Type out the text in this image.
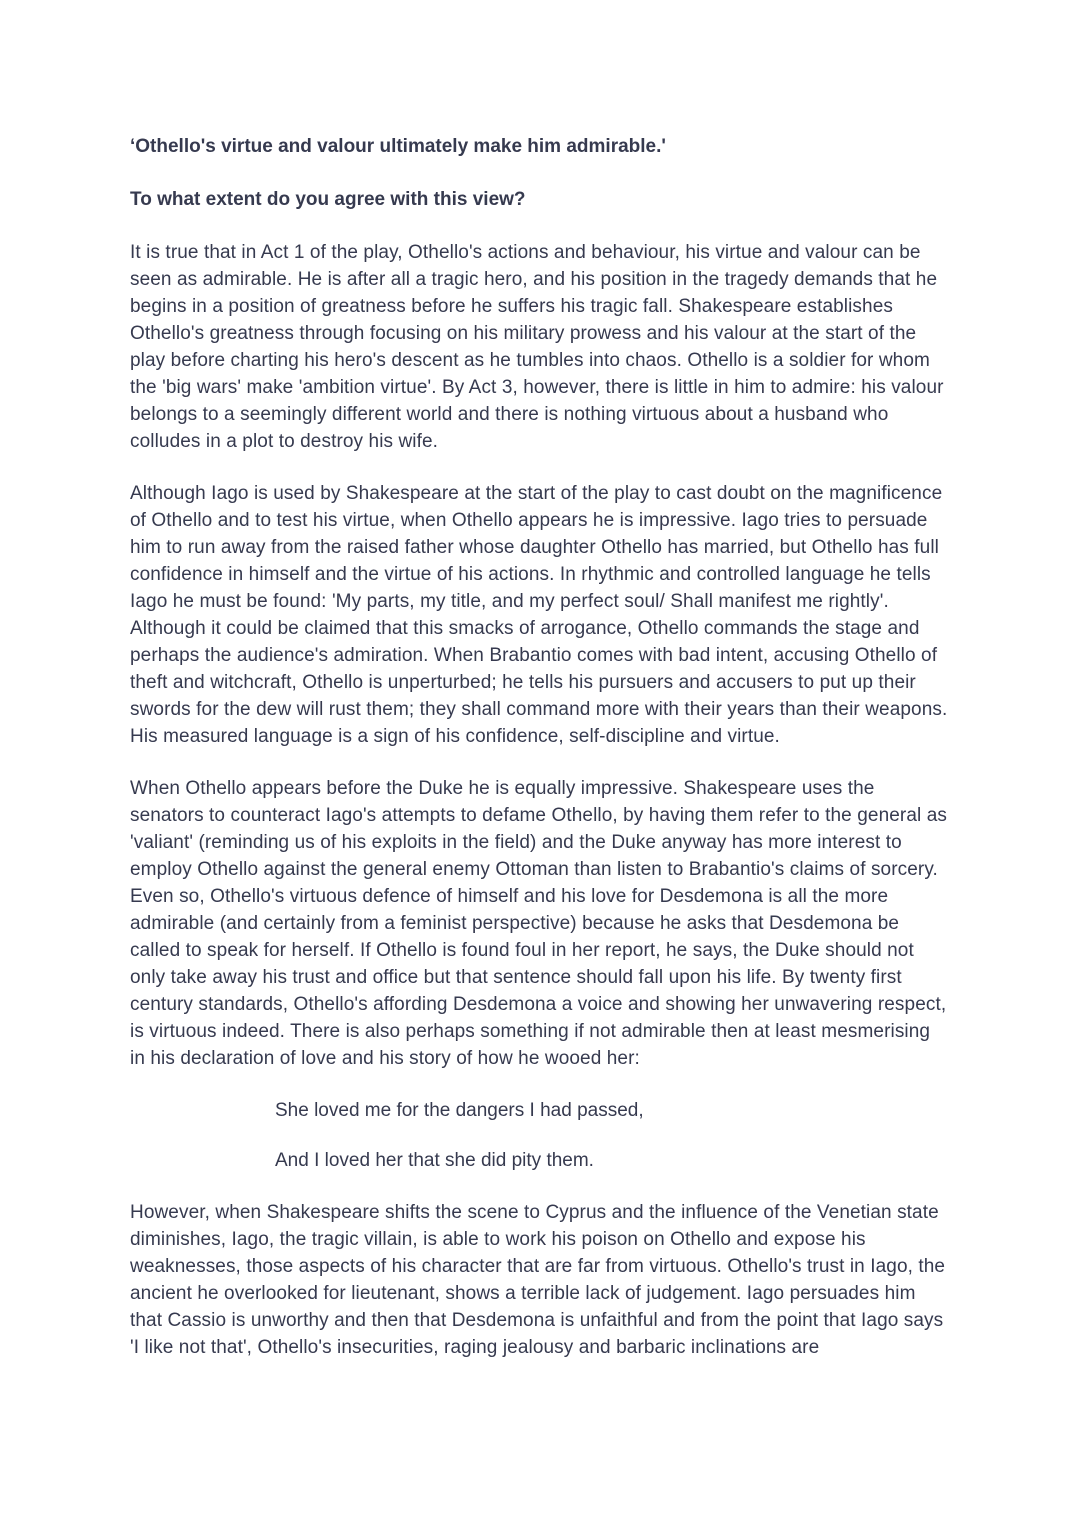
‘Othello's virtue and valour ultimately make him admirable.'
To what extent do you agree with this view?

It is true that in Act 1 of the play, Othello's actions and behaviour, his virtue and valour can be seen as admirable. He is after all a tragic hero, and his position in the tragedy demands that he begins in a position of greatness before he suffers his tragic fall. Shakespeare establishes Othello's greatness through focusing on his military prowess and his valour at the start of the play before charting his hero's descent as he tumbles into chaos. Othello is a soldier for whom the 'big wars' make 'ambition virtue'. By Act 3, however, there is little in him to admire: his valour belongs to a seemingly different world and there is nothing virtuous about a husband who colludes in a plot to destroy his wife.

Although Iago is used by Shakespeare at the start of the play to cast doubt on the magnificence of Othello and to test his virtue, when Othello appears he is impressive. Iago tries to persuade him to run away from the raised father whose daughter Othello has married, but Othello has full confidence in himself and the virtue of his actions. In rhythmic and controlled language he tells Iago he must be found: 'My parts, my title, and my perfect soul/ Shall manifest me rightly'. Although it could be claimed that this smacks of arrogance, Othello commands the stage and perhaps the audience's admiration. When Brabantio comes with bad intent, accusing Othello of theft and witchcraft, Othello is unperturbed; he tells his pursuers and accusers to put up their swords for the dew will rust them; they shall command more with their years than their weapons. His measured language is a sign of his confidence, self-discipline and virtue.

When Othello appears before the Duke he is equally impressive. Shakespeare uses the senators to counteract Iago's attempts to defame Othello, by having them refer to the general as 'valiant' (reminding us of his exploits in the field) and the Duke anyway has more interest to employ Othello against the general enemy Ottoman than listen to Brabantio's claims of sorcery. Even so, Othello's virtuous defence of himself and his love for Desdemona is all the more admirable (and certainly from a feminist perspective) because he asks that Desdemona be called to speak for herself. If Othello is found foul in her report, he says, the Duke should not only take away his trust and office but that sentence should fall upon his life. By twenty first century standards, Othello's affording Desdemona a voice and showing her unwavering respect, is virtuous indeed. There is also perhaps something if not admirable then at least mesmerising in his declaration of love and his story of how he wooed her:

She loved me for the dangers I had passed,

And I loved her that she did pity them.

However, when Shakespeare shifts the scene to Cyprus and the influence of the Venetian state diminishes, Iago, the tragic villain, is able to work his poison on Othello and expose his weaknesses, those aspects of his character that are far from virtuous. Othello's trust in Iago, the ancient he overlooked for lieutenant, shows a terrible lack of judgement. Iago persuades him that Cassio is unworthy and then that Desdemona is unfaithful and from the point that Iago says 'I like not that', Othello's insecurities, raging jealousy and barbaric inclinations are
